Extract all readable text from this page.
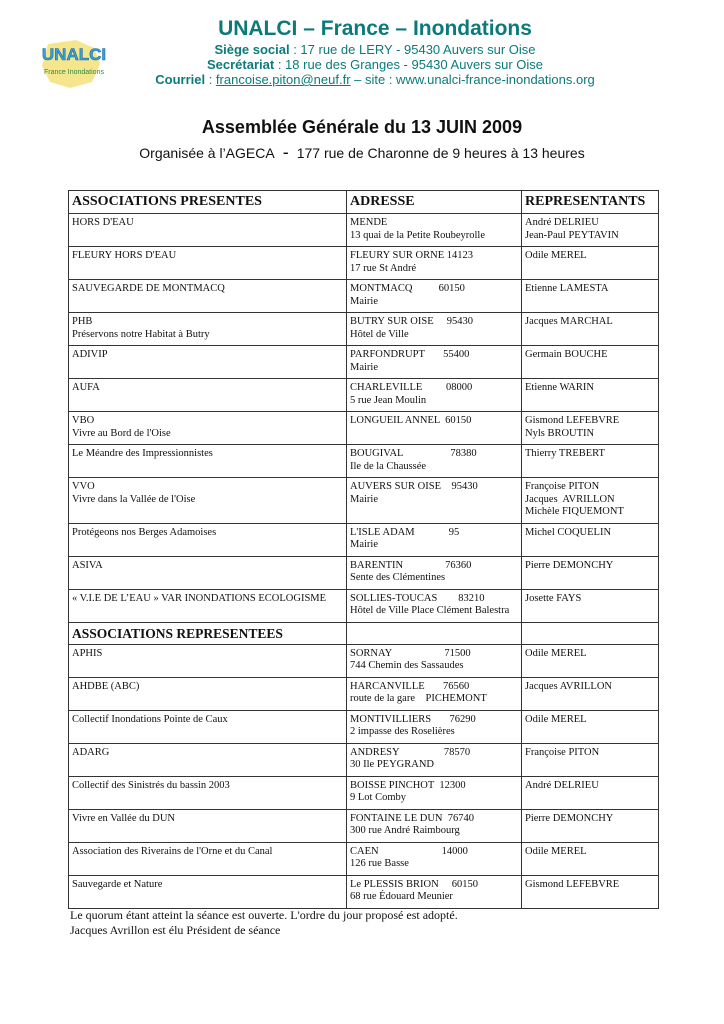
UNALCI
France Inondations
UNALCI – France – Inondations
Siège social : 17 rue de LERY - 95430 Auvers sur Oise
Secrétariat : 18 rue des Granges - 95430 Auvers sur Oise
Courriel : francoise.piton@neuf.fr – site : www.unalci-france-inondations.org
Assemblée Générale du 13 JUIN 2009
Organisée à l’AGECA - 177 rue de Charonne de 9 heures à 13 heures
ASSOCIATIONS PRESENTES	ADRESSE	REPRESENTANTS

HORS D'EAU	MENDE
13 quai de la Petite Roubeyrolle	André DELRIEU
Jean-Paul PEYTAVIN

FLEURY HORS D'EAU	FLEURY SUR ORNE 14123
17 rue St André	Odile MEREL

SAUVEGARDE DE MONTMACQ	MONTMACQ          60150
Mairie	Etienne LAMESTA

PHB
Préservons notre Habitat à Butry	BUTRY SUR OISE     95430
Hôtel de Ville	Jacques MARCHAL

ADIVIP	PARFONDRUPT       55400
Mairie	Germain BOUCHE

AUFA	CHARLEVILLE         08000
5 rue Jean Moulin	Etienne WARIN

VBO
Vivre au Bord de l'Oise	LONGUEIL ANNEL  60150	Gismond LEFEBVRE
Nyls BROUTIN

Le Méandre des Impressionnistes	BOUGIVAL                  78380
Ile de la Chaussée	Thierry TREBERT

VVO
Vivre dans la Vallée de l'Oise	AUVERS SUR OISE    95430
Mairie	Françoise PITON
Jacques  AVRILLON
Michèle FIQUEMONT

Protégeons nos Berges Adamoises	L'ISLE ADAM             95
Mairie	Michel COQUELIN

ASIVA	BARENTIN                76360
Sente des Clémentines	Pierre DEMONCHY

« V.I.E DE L’EAU » VAR INONDATIONS ECOLOGISME	SOLLIES-TOUCAS        83210
Hôtel de Ville Place Clément Balestra	Josette FAYS

ASSOCIATIONS REPRESENTEES		

APHIS	SORNAY                    71500
744 Chemin des Sassaudes	Odile MEREL

AHDBE (ABC)	HARCANVILLE       76560
route de la gare    PICHEMONT	Jacques AVRILLON

Collectif Inondations Pointe de Caux	MONTIVILLIERS       76290
2 impasse des Roselières	Odile MEREL

ADARG	ANDRESY                 78570
30 Ile PEYGRAND	Françoise PITON

Collectif des Sinistrés du bassin 2003	BOISSE PINCHOT  12300
9 Lot Comby	André DELRIEU

Vivre en Vallée du DUN	FONTAINE LE DUN  76740
300 rue André Raimbourg	Pierre DEMONCHY

Association des Riverains de l'Orne et du Canal	CAEN                        14000
126 rue Basse	Odile MEREL

Sauvegarde et Nature	Le PLESSIS BRION     60150
68 rue Édouard Meunier	Gismond LEFEBVRE
Le quorum étant atteint la séance est ouverte. L'ordre du jour proposé est adopté.
Jacques Avrillon est élu Président de séance
